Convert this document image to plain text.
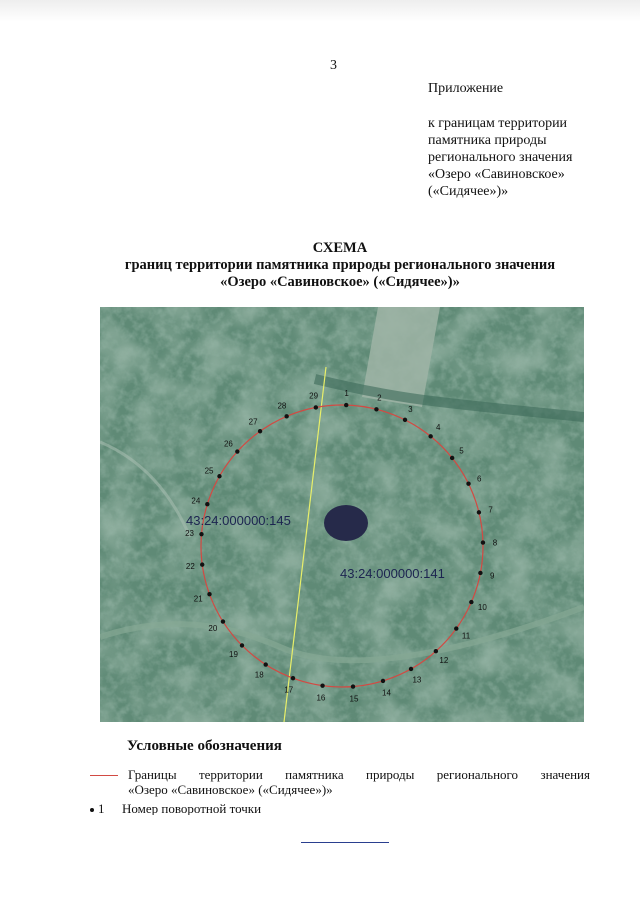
3
Приложение
к границам территории
памятника природы
регионального значения
«Озеро «Савиновское»
(«Сидячее»)»
СХЕМА
границ территории памятника природы регионального значения
«Озеро «Савиновское» («Сидячее»)»
1
2
3
4
5
6
7
8
9
10
11
12
13
14
15
16
17
18
19
20
21
22
23
24
25
26
27
28
29
43:24:000000:145
43:24:000000:141
Условные обозначения
Границы территории памятника природы регионального значения
«Озеро «Савиновское» («Сидячее»)»
1 Номер поворотной точки
